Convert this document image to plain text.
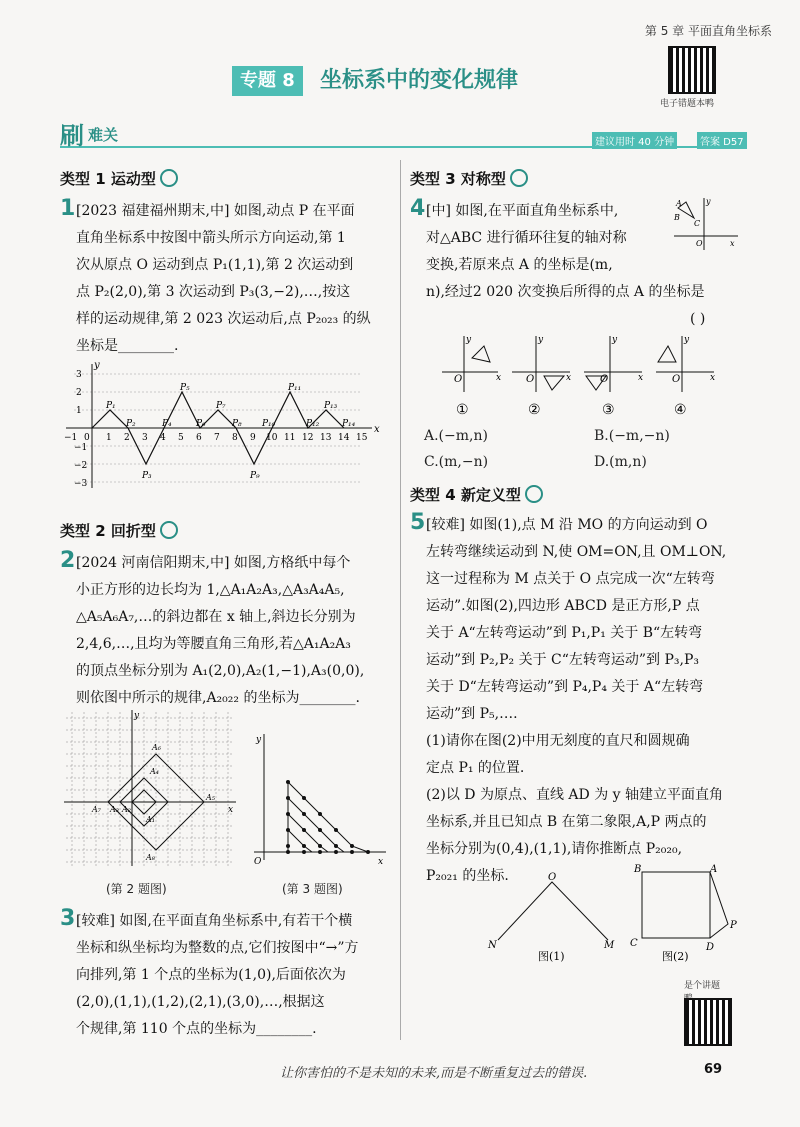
第 5 章 平面直角坐标系
专题 8	坐标系中的变化规律
电子错题本鸭
刷 难关	建议用时 40 分钟	答案 D57
类型 1 运动型
1 [2023 福建福州期末,中] 如图,动点 P 在平面
直角坐标系中按图中箭头所示方向运动,第 1
次从原点 O 运动到点 P₁(1,1),第 2 次运动到
点 P₂(2,0),第 3 次运动到 P₃(3,−2),…,按这
样的运动规律,第 2 023 次运动后,点 P₂₀₂₃ 的纵
坐标是________.
y
x
3
2
1
−1
−2
−3
−1 0 1 2 3 4 5 6 7 8 9 10 11 12 13 14 15
P₁
P₂
P₃
P₄
P₅
P₆
P₇
P₈
P₉
P₁₀
P₁₁
P₁₂
P₁₃
P₁₄
类型 2 回折型
2 [2024 河南信阳期末,中] 如图,方格纸中每个
小正方形的边长均为 1,△A₁A₂A₃,△A₃A₄A₅,
△A₅A₆A₇,…的斜边都在 x 轴上,斜边长分别为
2,4,6,…,且均为等腰直角三角形,若△A₁A₂A₃
的顶点坐标分别为 A₁(2,0),A₂(1,−1),A₃(0,0),
则依图中所示的规律,A₂₀₂₂ 的坐标为________.
y
x
A₇ A₃
A₆
A₄
A₁
A₈
A₅
A₂
y
x
O
(第 2 题图)	(第 3 题图)
3 [较难] 如图,在平面直角坐标系中,有若干个横
坐标和纵坐标均为整数的点,它们按图中“→”方
向排列,第 1 个点的坐标为(1,0),后面依次为
(2,0),(1,1),(1,2),(2,1),(3,0),…,根据这
个规律,第 110 个点的坐标为________.
类型 3 对称型
4 [中] 如图,在平面直角坐标系中,
对△ABC 进行循环往复的轴对称
变换,若原来点 A 的坐标是(m,
n),经过2 020 次变换后所得的点 A 的坐标是
( )
A
B
C
O	x
y
O	O	O	O
y	y	y	y
x	x	x	x
①	②	③	④
A.(−m,n)	B.(−m,−n)
C.(m,−n)	D.(m,n)
类型 4 新定义型
5 [较难] 如图(1),点 M 沿 MO 的方向运动到 O
左转弯继续运动到 N,使 OM=ON,且 OM⊥ON,
这一过程称为 M 点关于 O 点完成一次“左转弯
运动”.如图(2),四边形 ABCD 是正方形,P 点
关于 A“左转弯运动”到 P₁,P₁ 关于 B“左转弯
运动”到 P₂,P₂ 关于 C“左转弯运动”到 P₃,P₃
关于 D“左转弯运动”到 P₄,P₄ 关于 A“左转弯
运动”到 P₅,….
(1)请你在图(2)中用无刻度的直尺和圆规确
定点 P₁ 的位置.
(2)以 D 为原点、直线 AD 为 y 轴建立平面直角
坐标系,并且已知点 B 在第二象限,A,P 两点的
坐标分别为(0,4),(1,1),请你推断点 P₂₀₂₀,
P₂₀₂₁ 的坐标.	O
N	M
图(1)
B	A
C	D
P
图(2)
是个讲题
让你害怕的不是未知的未来,而是不断重复过去的错误.	69
